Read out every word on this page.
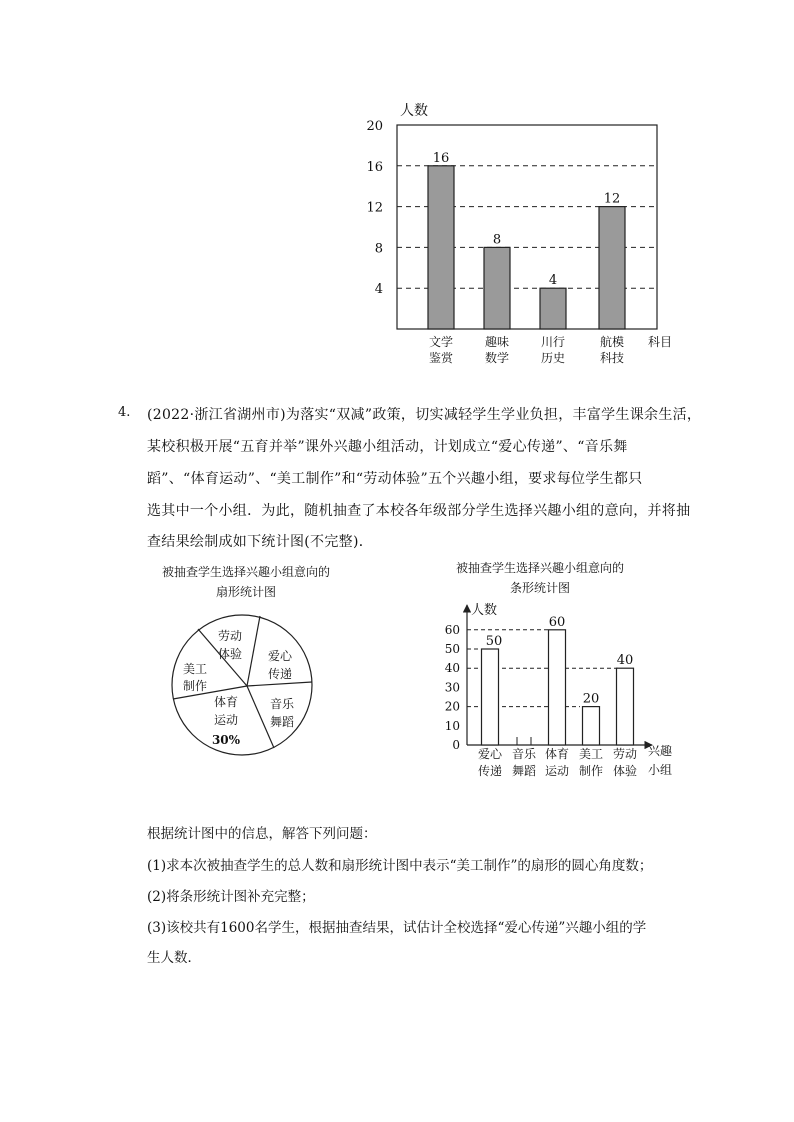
人数
4
8
12
16
20
16
8
4
12
文学
鉴赏
趣味
数学
川行
历史
航模
科技
科目
4. (2022·浙江省湖州市)为落实“双减”政策，切实减轻学生学业负担，丰富学生课余生活，
某校积极开展“五育并举”课外兴趣小组活动，计划成立“爱心传递”、“音乐舞
蹈”、“体育运动”、“美工制作”和“劳动体验”五个兴趣小组，要求每位学生都只
选其中一个小组．为此，随机抽查了本校各年级部分学生选择兴趣小组的意向，并将抽
查结果绘制成如下统计图(不完整)．
被抽查学生选择兴趣小组意向的
扇形统计图
劳动
体验 爱心
传递
音乐
舞蹈
体育
运动
30%
美工
制作
被抽查学生选择兴趣小组意向的
条形统计图
人数
兴趣
小组
0
10
20
30
40
50
60
50
60
20
40
爱心
传递
音乐
舞蹈
体育
运动
美工
制作
劳动
体验
根据统计图中的信息，解答下列问题：
(1)求本次被抽查学生的总人数和扇形统计图中表示“美工制作”的扇形的圆心角度数；
(2)将条形统计图补充完整；
(3)该校共有1600名学生，根据抽查结果，试估计全校选择“爱心传递”兴趣小组的学
生人数．
